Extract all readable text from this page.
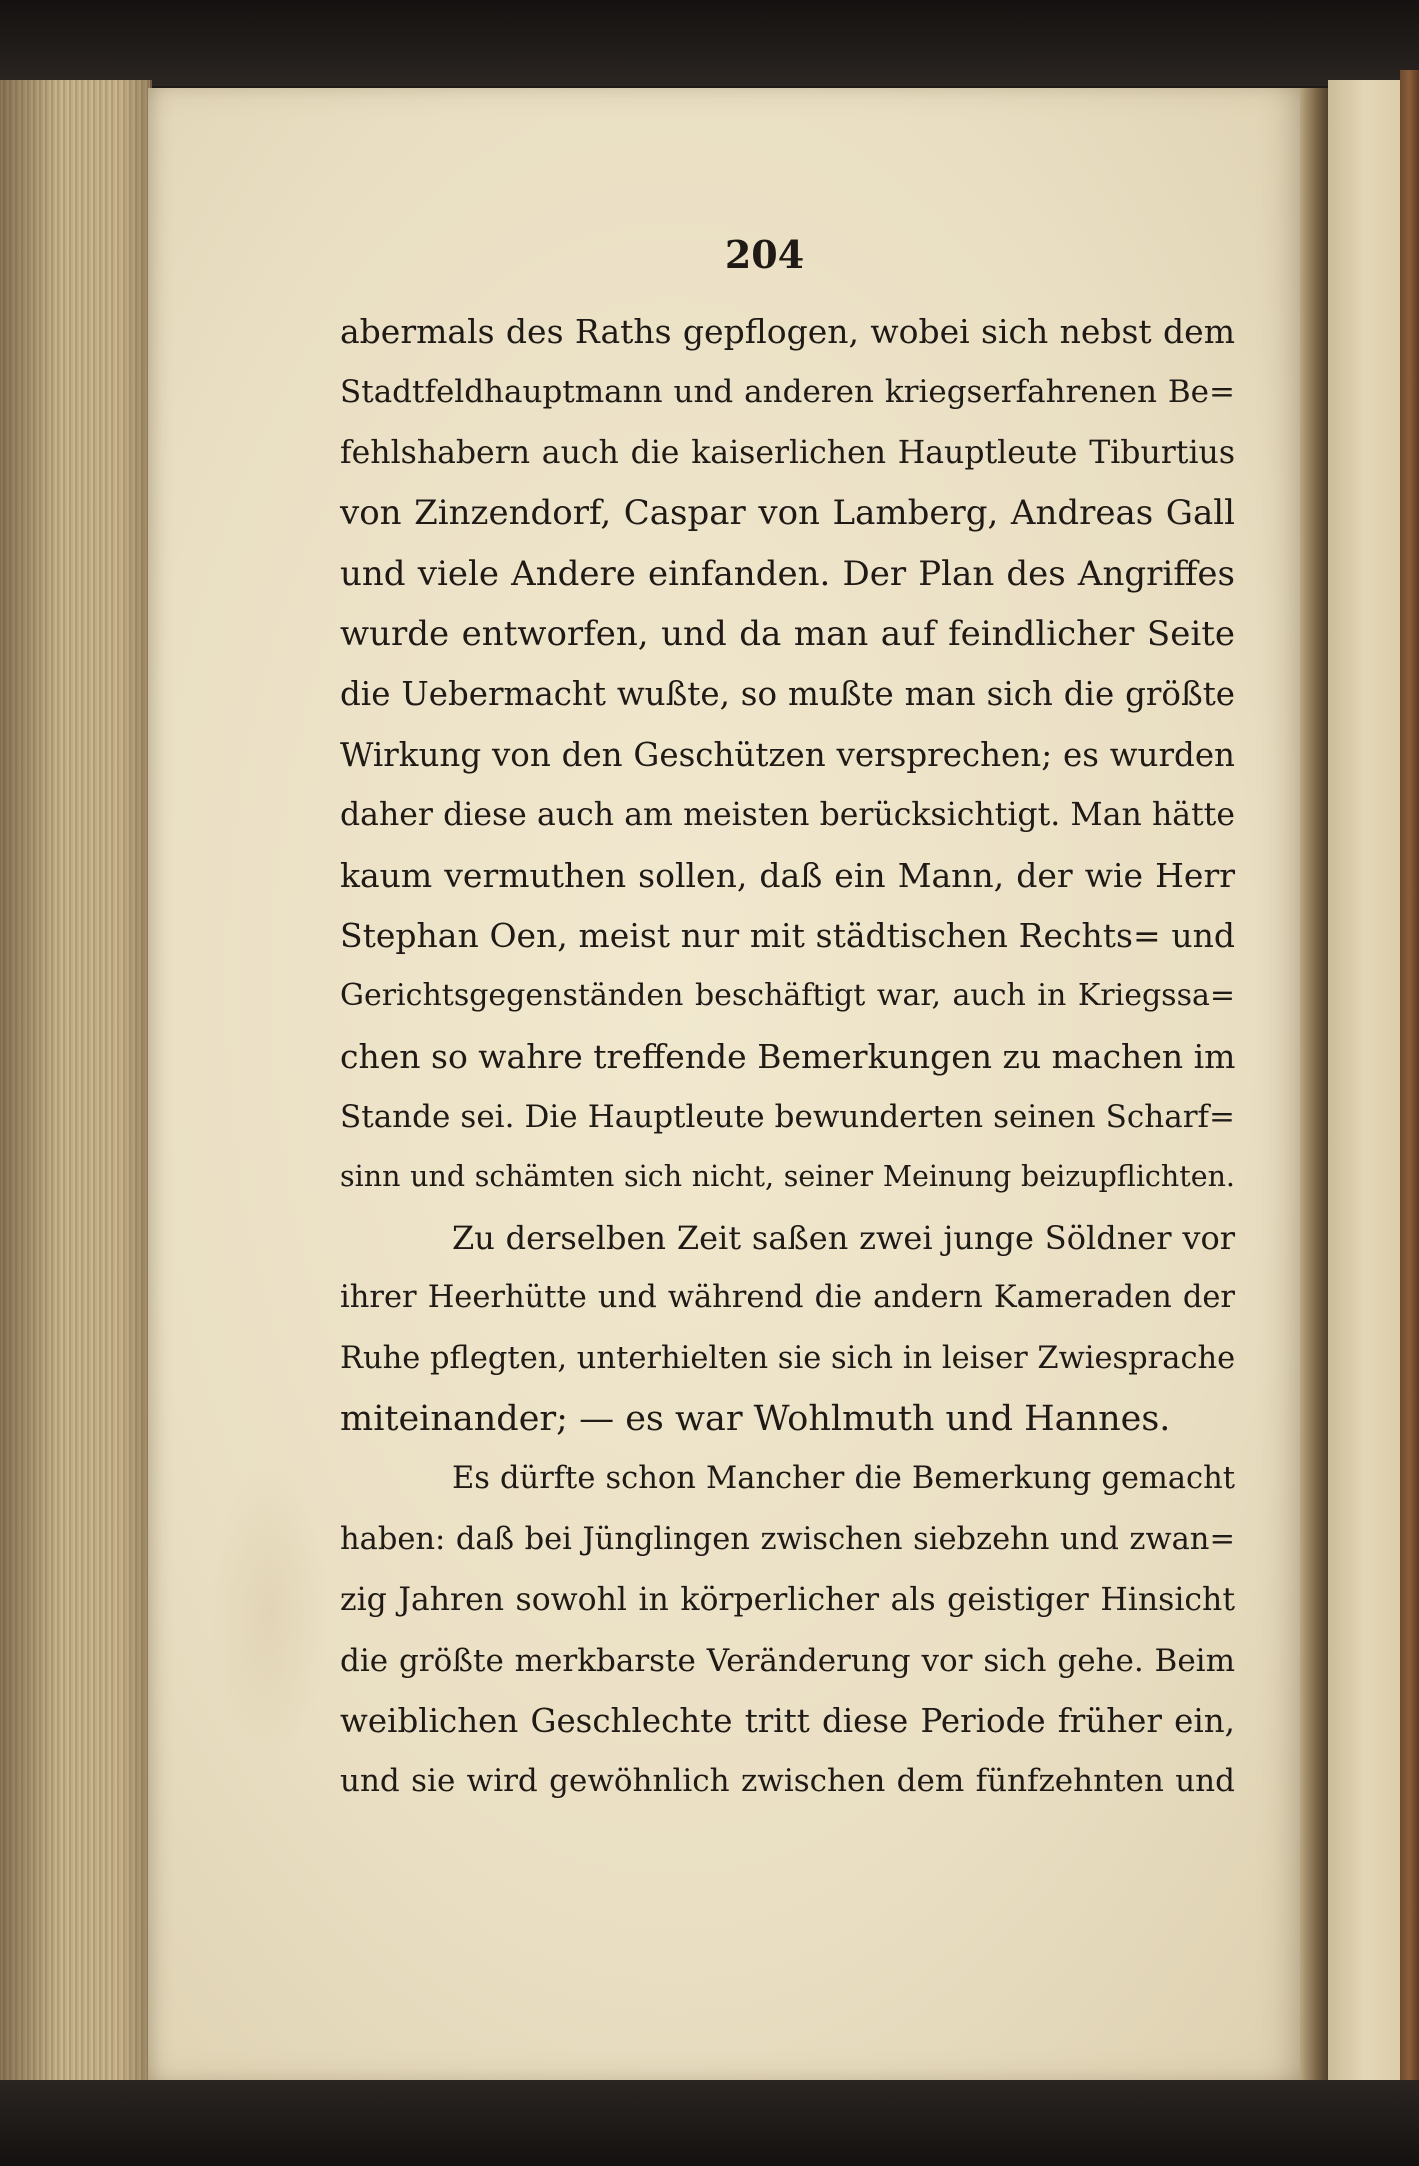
204
abermals des Raths gepflogen, wobei sich nebst dem
Stadtfeldhauptmann und anderen kriegserfahrenen Be=
fehlshabern auch die kaiserlichen Hauptleute Tiburtius
von Zinzendorf, Caspar von Lamberg, Andreas Gall
und viele Andere einfanden. Der Plan des Angriffes
wurde entworfen, und da man auf feindlicher Seite
die Uebermacht wußte, so mußte man sich die größte
Wirkung von den Geschützen versprechen; es wurden
daher diese auch am meisten berücksichtigt. Man hätte
kaum vermuthen sollen, daß ein Mann, der wie Herr
Stephan Oen, meist nur mit städtischen Rechts= und
Gerichtsgegenständen beschäftigt war, auch in Kriegssa=
chen so wahre treffende Bemerkungen zu machen im
Stande sei. Die Hauptleute bewunderten seinen Scharf=
sinn und schämten sich nicht, seiner Meinung beizupflichten.
Zu derselben Zeit saßen zwei junge Söldner vor
ihrer Heerhütte und während die andern Kameraden der
Ruhe pflegten, unterhielten sie sich in leiser Zwiesprache
miteinander; — es war Wohlmuth und Hannes.
Es dürfte schon Mancher die Bemerkung gemacht
haben: daß bei Jünglingen zwischen siebzehn und zwan=
zig Jahren sowohl in körperlicher als geistiger Hinsicht
die größte merkbarste Veränderung vor sich gehe. Beim
weiblichen Geschlechte tritt diese Periode früher ein,
und sie wird gewöhnlich zwischen dem fünfzehnten und
